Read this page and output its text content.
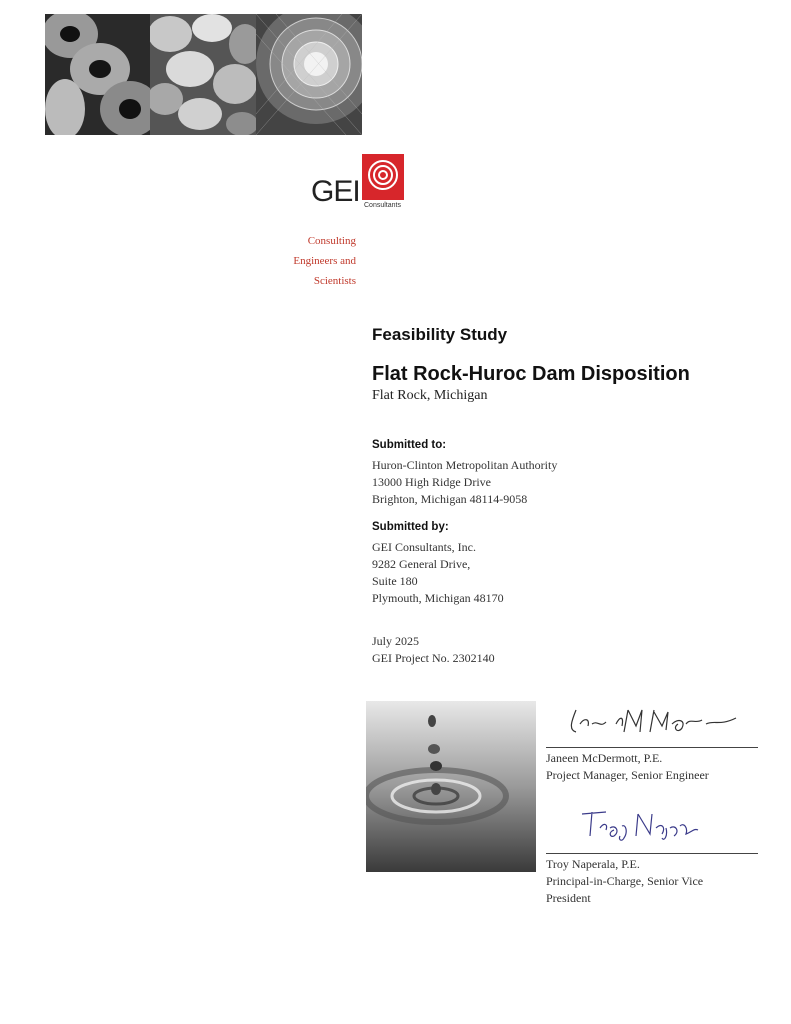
GEI Consultants
Consulting
Engineers and
Scientists
Feasibility Study
Flat Rock-Huroc Dam Disposition
Flat Rock, Michigan
Submitted to:
Huron-Clinton Metropolitan Authority
13000 High Ridge Drive
Brighton, Michigan 48114-9058
Submitted by:
GEI Consultants, Inc.
9282 General Drive,
Suite 180
Plymouth, Michigan 48170
July 2025
GEI Project No. 2302140
Janeen McDermott, P.E.
Project Manager, Senior Engineer
Troy Naperala, P.E.
Principal-in-Charge, Senior Vice
President
